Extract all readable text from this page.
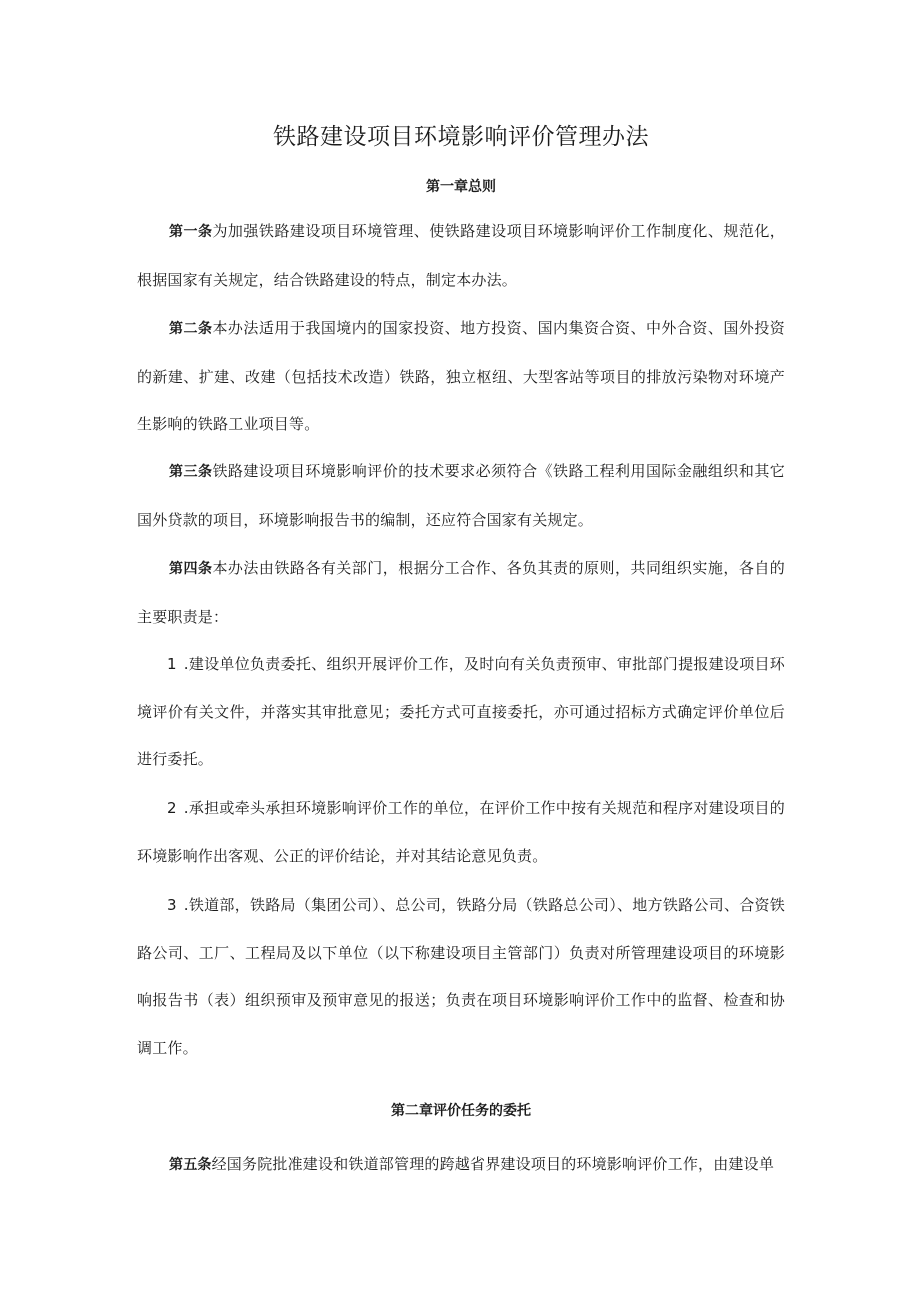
铁路建设项目环境影响评价管理办法

第一章总则

第一条为加强铁路建设项目环境管理、使铁路建设项目环境影响评价工作制度化、规范化，根据国家有关规定，结合铁路建设的特点，制定本办法。

第二条本办法适用于我国境内的国家投资、地方投资、国内集资合资、中外合资、国外投资的新建、扩建、改建（包括技术改造）铁路，独立枢纽、大型客站等项目的排放污染物对环境产生影响的铁路工业项目等。

第三条铁路建设项目环境影响评价的技术要求必须符合《铁路工程利用国际金融组织和其它国外贷款的项目，环境影响报告书的编制，还应符合国家有关规定。

第四条本办法由铁路各有关部门，根据分工合作、各负其责的原则，共同组织实施，各自的主要职责是：

1 .建设单位负责委托、组织开展评价工作，及时向有关负责预审、审批部门提报建设项目环境评价有关文件，并落实其审批意见；委托方式可直接委托，亦可通过招标方式确定评价单位后进行委托。

2 .承担或牵头承担环境影响评价工作的单位，在评价工作中按有关规范和程序对建设项目的环境影响作出客观、公正的评价结论，并对其结论意见负责。

3 .铁道部，铁路局（集团公司）、总公司，铁路分局（铁路总公司）、地方铁路公司、合资铁路公司、工厂、工程局及以下单位（以下称建设项目主管部门）负责对所管理建设项目的环境影响报告书（表）组织预审及预审意见的报送；负责在项目环境影响评价工作中的监督、检查和协调工作。

第二章评价任务的委托

第五条经国务院批准建设和铁道部管理的跨越省界建设项目的环境影响评价工作，由建设单
